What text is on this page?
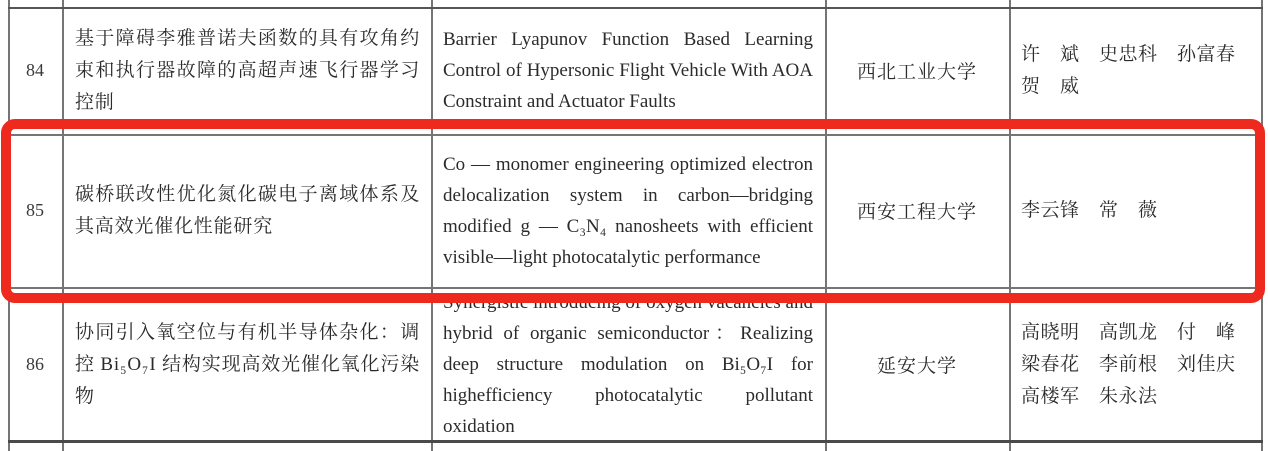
84
基于障碍李雅普诺夫函数的具有攻角约束和执行器故障的高超声速飞行器学习控制
Barrier Lyapunov Function Based Learning Control of Hypersonic Flight Vehicle With AOA Constraint and Actuator Faults
西北工业大学
许　斌　史忠科　孙富春
贺　威
85
碳桥联改性优化氮化碳电子离域体系及其高效光催化性能研究
Co — monomer engineering optimized electron delocalization system in carbon—bridging modified g — C₃N₄ nanosheets with efficient visible—light photocatalytic performance
西安工程大学 李云锋　常　薇
86
协同引入氧空位与有机半导体杂化：调控 Bi₅O₇I 结构实现高效光催化氧化污染物
Synergistic introducing of oxygen vacancies and hybrid of organic semiconductor：Realizing deep structure modulation on Bi₅O₇I for highefficiency photocatalytic pollutant oxidation
延安大学
高晓明　高凯龙　付　峰
梁春花　李前根　刘佳庆
高楼军　朱永法
